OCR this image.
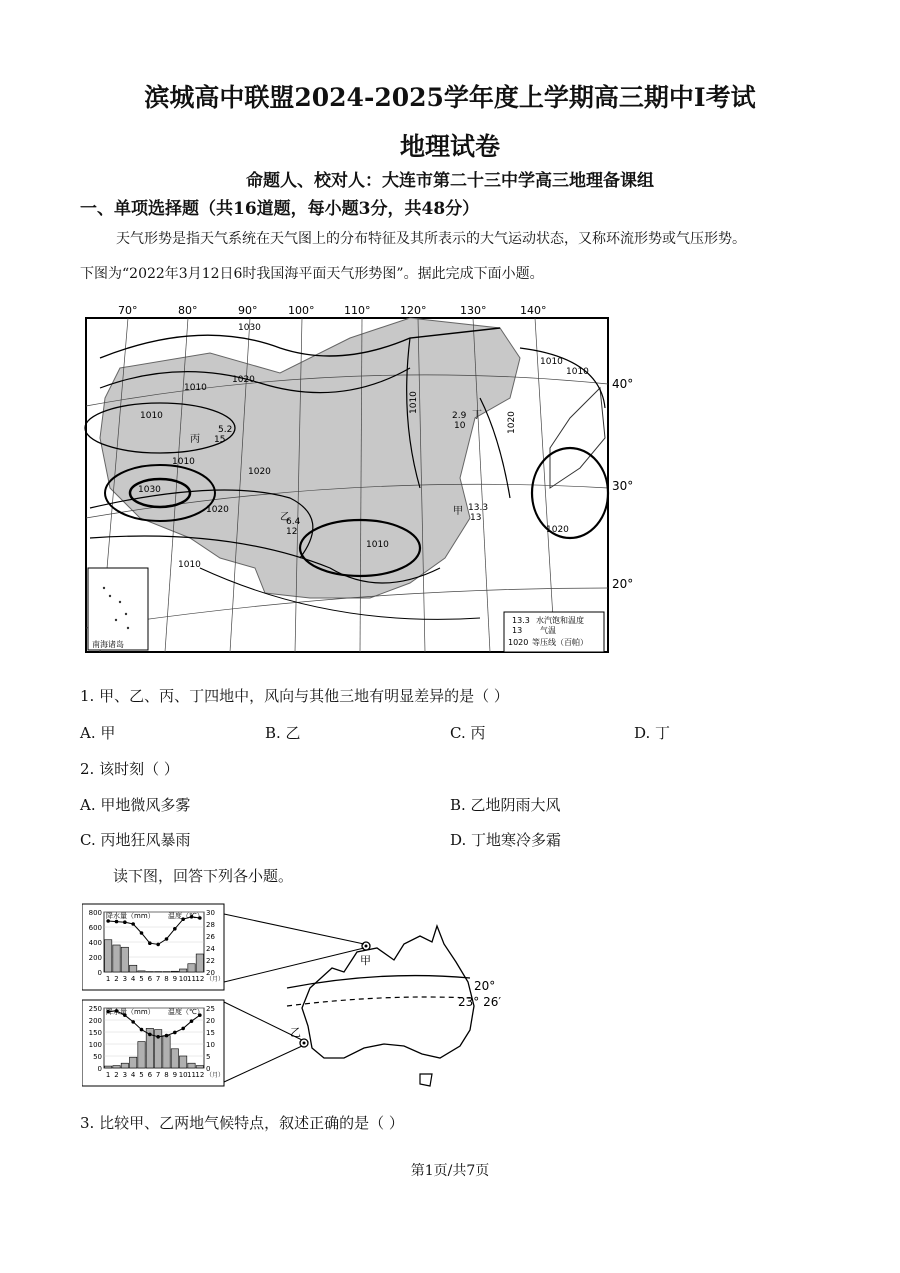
滨城高中联盟2024-2025学年度上学期高三期中Ⅰ考试
地理试卷
命题人、校对人：大连市第二十三中学高三地理备课组
一、单项选择题（共16道题，每小题3分，共48分）
天气形势是指天气系统在天气图上的分布特征及其所表示的大气运动状态，又称环流形势或气压形势。
下图为“2022年3月12日6时我国海平面天气形势图”。据此完成下面小题。
70°	80°	90°	100°	110°	120°	130°	140°
40°
30°
20°
1030
1020
1010
1010
1010
1030
1020
1010
1010
1010
1020
1020
1010	1020
1010
5.2
丙 15
2.9 丁
10
甲 13.3
13
乙
6.4
12
南海诸岛
13.3
13
水汽饱和温度
气温
1020 等压线（百帕）
1. 甲、乙、丙、丁四地中，风向与其他三地有明显差异的是（ ）
A. 甲	B. 乙	C. 丙	D. 丁
2. 该时刻（ ）
A. 甲地微风多雾	B. 乙地阴雨大风
C. 丙地狂风暴雨	D. 丁地寒冷多霜
读下图，回答下列各小题。
800
600
400
200
0
30
28
26
24
22
20
1 2 3 4 5 6 7 8 9 10 11 12 （月）
降水量（mm） 温度（℃）
250
200
150
100
50
0
25
20
15
10
5
0
1 2 3 4 5 6 7 8 9 10 11 12 （月）
降水量（mm） 温度（℃）
20°
23° 26′
甲
乙
3. 比较甲、乙两地气候特点，叙述正确的是（ ）
第1页/共7页
